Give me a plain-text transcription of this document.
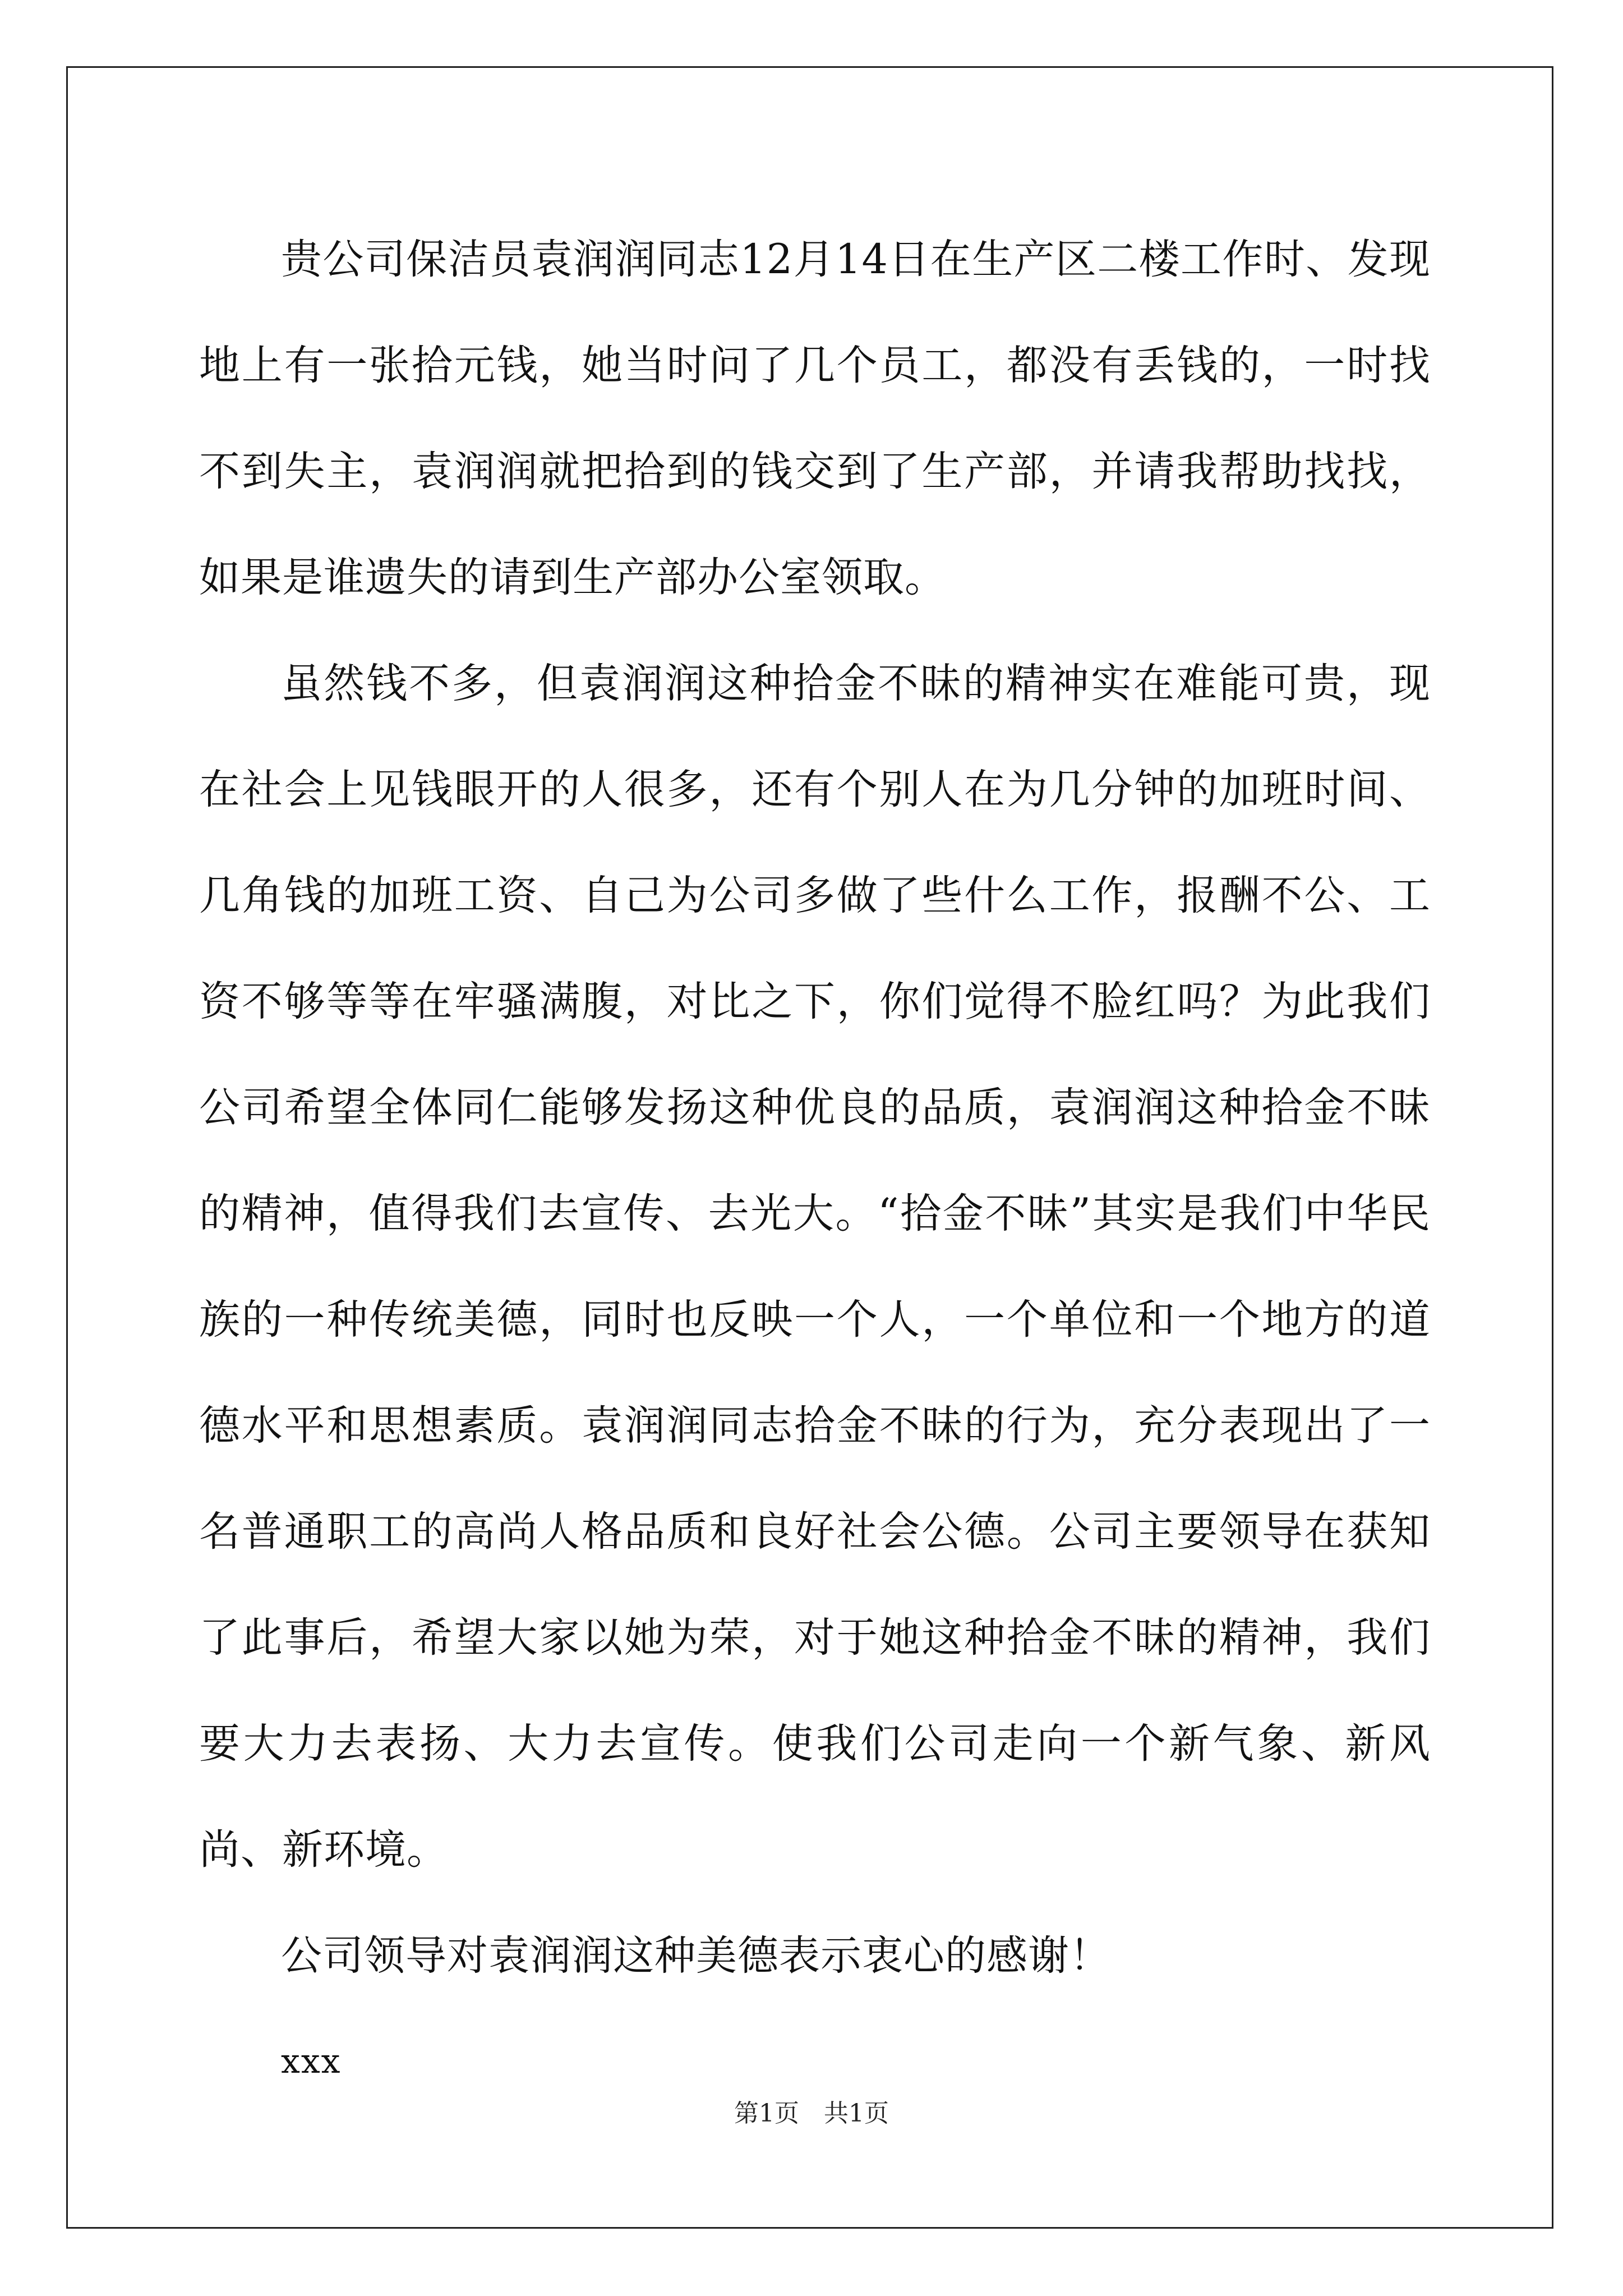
贵公司保洁员袁润润同志12月14日在生产区二楼工作时、发现地上有一张拾元钱，她当时问了几个员工，都没有丢钱的，一时找不到失主，袁润润就把拾到的钱交到了生产部，并请我帮助找找，如果是谁遗失的请到生产部办公室领取。

虽然钱不多，但袁润润这种拾金不昧的精神实在难能可贵，现在社会上见钱眼开的人很多，还有个别人在为几分钟的加班时间、几角钱的加班工资、自己为公司多做了些什么工作，报酬不公、工资不够等等在牢骚满腹，对比之下，你们觉得不脸红吗？为此我们公司希望全体同仁能够发扬这种优良的品质，袁润润这种拾金不昧的精神，值得我们去宣传、去光大。“拾金不昧”其实是我们中华民族的一种传统美德，同时也反映一个人，一个单位和一个地方的道德水平和思想素质。袁润润同志拾金不昧的行为，充分表现出了一名普通职工的高尚人格品质和良好社会公德。公司主要领导在获知了此事后，希望大家以她为荣，对于她这种拾金不昧的精神，我们要大力去表扬、大力去宣传。使我们公司走向一个新气象、新风尚、新环境。

公司领导对袁润润这种美德表示衷心的感谢！

xxx

第1页　共1页
